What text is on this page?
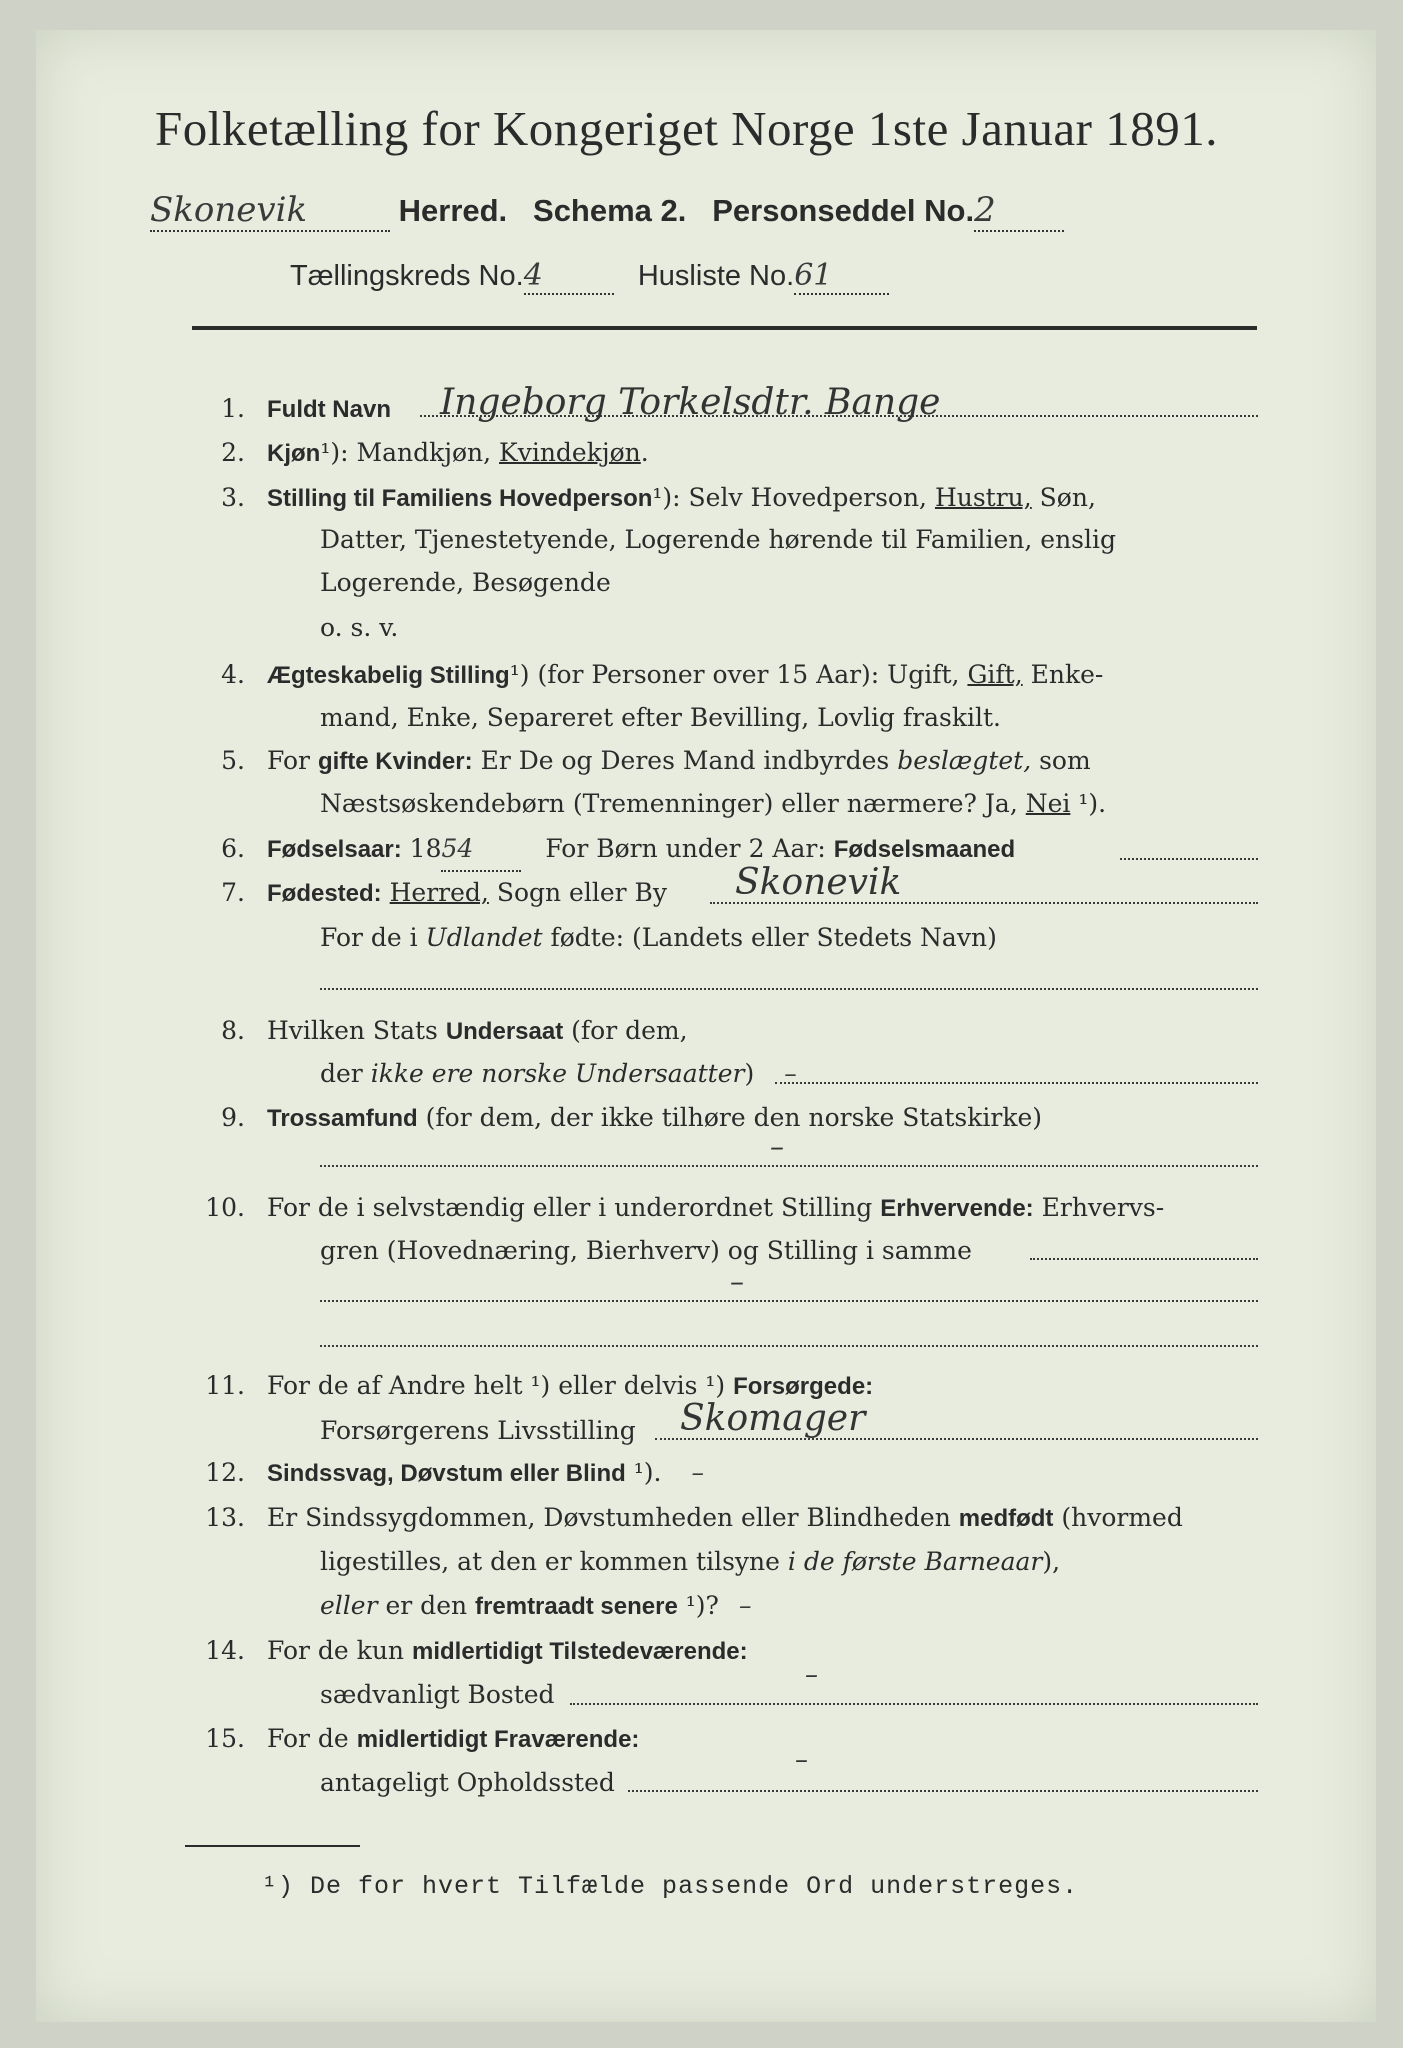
Folketælling for Kongeriget Norge 1ste Januar 1891.
Skonevik	Herred. Schema 2. Personseddel No.2
Tællingskreds No.4	Husliste No.61
1. Fuldt Navn	Ingeborg Torkelsdtr. Bange
2. Kjøn¹): Mandkjøn, Kvindekjøn.
3. Stilling til Familiens Hovedperson¹): Selv Hovedperson, Hustru, Søn,
Datter, Tjenestetyende, Logerende hørende til Familien, enslig
Logerende, Besøgende
o. s. v.
4. Ægteskabelig Stilling¹) (for Personer over 15 Aar): Ugift, Gift, Enke-
mand, Enke, Separeret efter Bevilling, Lovlig fraskilt.
5. For gifte Kvinder: Er De og Deres Mand indbyrdes beslægtet, som
Næstsøskendebørn (Tremenninger) eller nærmere? Ja, Nei ¹).
6. Fødselsaar: 1854	For Børn under 2 Aar: Fødselsmaaned
7. Fødested: Herred, Sogn eller By	Skonevik
For de i Udlandet fødte: (Landets eller Stedets Navn)
8. Hvilken Stats Undersaat (for dem,
der ikke ere norske Undersaatter) –
9. Trossamfund (for dem, der ikke tilhøre den norske Statskirke)
–
10. For de i selvstændig eller i underordnet Stilling Erhvervende: Erhvervs-
gren (Hovednæring, Bierhverv) og Stilling i samme
–
11. For de af Andre helt ¹) eller delvis ¹) Forsørgede:
Forsørgerens Livsstilling	Skomager
12. Sindssvag, Døvstum eller Blind ¹). –
13. Er Sindssygdommen, Døvstumheden eller Blindheden medfødt (hvormed
ligestilles, at den er kommen tilsyne i de første Barneaar),
eller er den fremtraadt senere ¹)? –
14. For de kun midlertidigt Tilstedeværende:
sædvanligt Bosted
–
15. For de midlertidigt Fraværende:
antageligt Opholdssted
–
¹) De for hvert Tilfælde passende Ord understreges.
